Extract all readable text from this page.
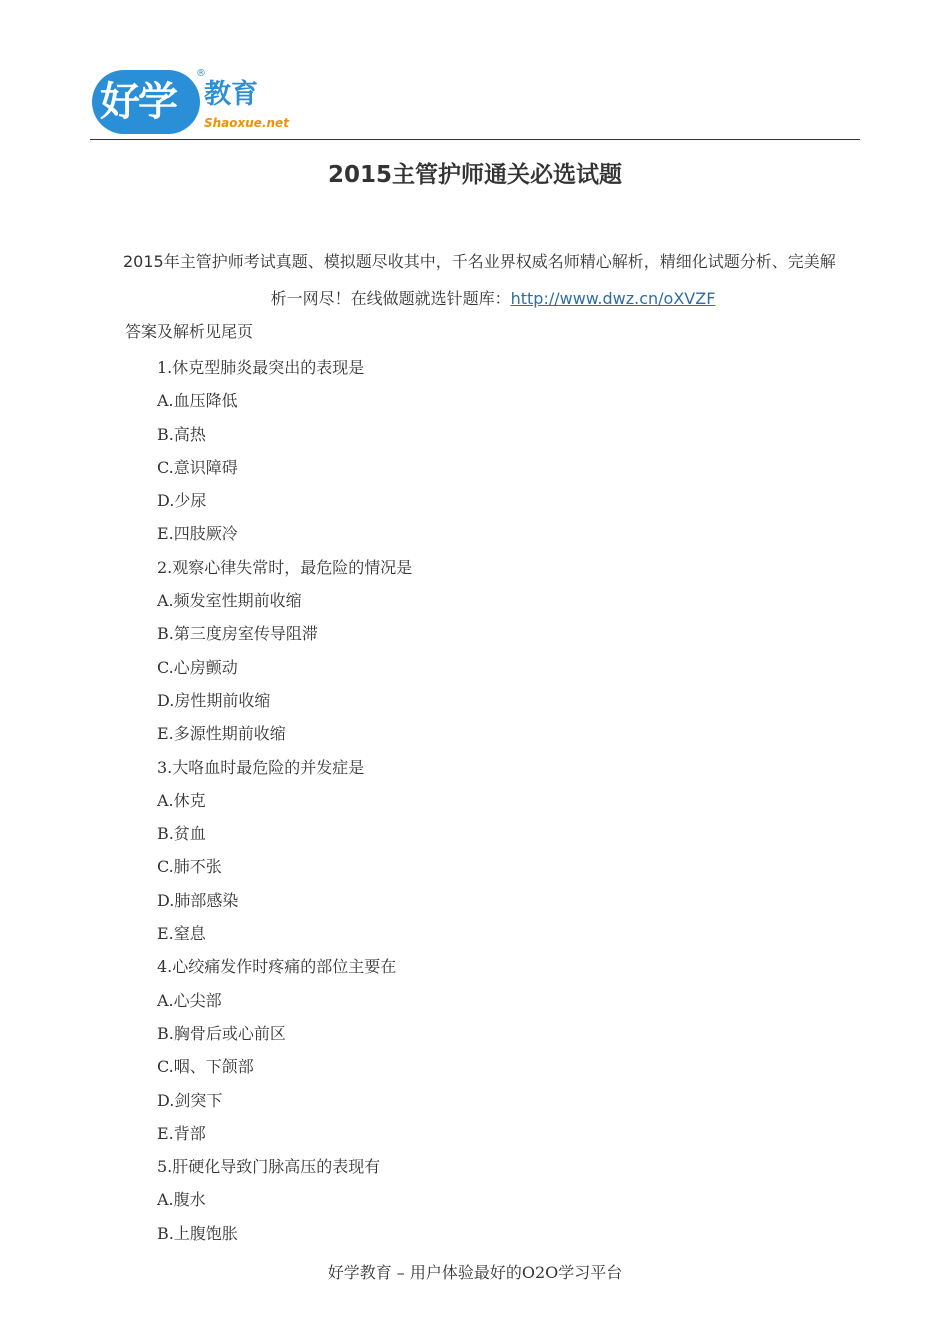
好学
®
教育
Shaoxue.net
2015主管护师通关必选试题
2015年主管护师考试真题、模拟题尽收其中，千名业界权威名师精心解析，精细化试题分析、完美解
析一网尽！在线做题就选针题库：http://www.dwz.cn/oXVZF
答案及解析见尾页
1.休克型肺炎最突出的表现是
A.血压降低
B.高热
C.意识障碍
D.少尿
E.四肢厥冷
2.观察心律失常时，最危险的情况是
A.频发室性期前收缩
B.第三度房室传导阻滞
C.心房颤动
D.房性期前收缩
E.多源性期前收缩
3.大咯血时最危险的并发症是
A.休克
B.贫血
C.肺不张
D.肺部感染
E.窒息
4.心绞痛发作时疼痛的部位主要在
A.心尖部
B.胸骨后或心前区
C.咽、下颌部
D.剑突下
E.背部
5.肝硬化导致门脉高压的表现有
A.腹水
B.上腹饱胀
好学教育 – 用户体验最好的O2O学习平台
